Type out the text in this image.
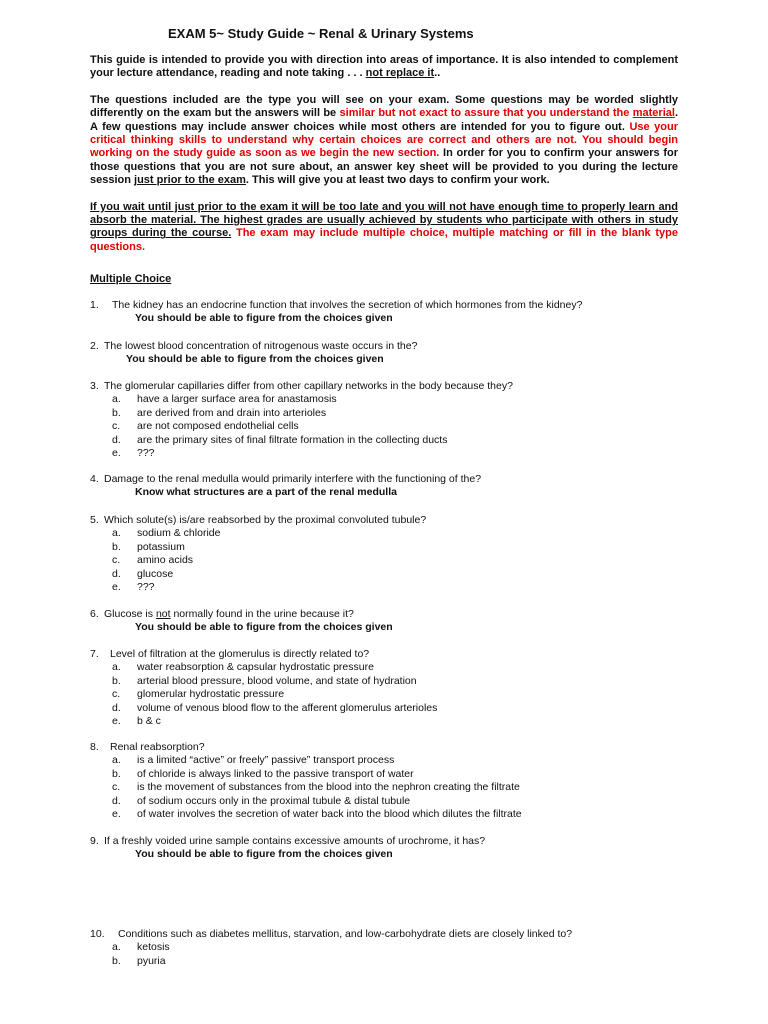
EXAM 5~ Study Guide ~ Renal & Urinary Systems

This guide is intended to provide you with direction into areas of importance. It is also intended to complement your lecture attendance, reading and note taking . . . not replace it..

The questions included are the type you will see on your exam. Some questions may be worded slightly differently on the exam but the answers will be similar but not exact to assure that you understand the material. A few questions may include answer choices while most others are intended for you to figure out. Use your critical thinking skills to understand why certain choices are correct and others are not. You should begin working on the study guide as soon as we begin the new section. In order for you to confirm your answers for those questions that you are not sure about, an answer key sheet will be provided to you during the lecture session just prior to the exam. This will give you at least two days to confirm your work.

If you wait until just prior to the exam it will be too late and you will not have enough time to properly learn and absorb the material. The highest grades are usually achieved by students who participate with others in study groups during the course. The exam may include multiple choice, multiple matching or fill in the blank type questions.

Multiple Choice
1. The kidney has an endocrine function that involves the secretion of which hormones from the kidney?
You should be able to figure from the choices given
2. The lowest blood concentration of nitrogenous waste occurs in the?
You should be able to figure from the choices given
3. The glomerular capillaries differ from other capillary networks in the body because they?
a. have a larger surface area for anastamosis
b. are derived from and drain into arterioles
c. are not composed endothelial cells
d. are the primary sites of final filtrate formation in the collecting ducts
e. ???
4. Damage to the renal medulla would primarily interfere with the functioning of the?
Know what structures are a part of the renal medulla
5. Which solute(s) is/are reabsorbed by the proximal convoluted tubule?
a. sodium & chloride
b. potassium
c. amino acids
d. glucose
e. ???
6. Glucose is not normally found in the urine because it?
You should be able to figure from the choices given
7. Level of filtration at the glomerulus is directly related to?
a. water reabsorption & capsular hydrostatic pressure
b. arterial blood pressure, blood volume, and state of hydration
c. glomerular hydrostatic pressure
d. volume of venous blood flow to the afferent glomerulus arterioles
e. b & c
8. Renal reabsorption?
a. is a limited “active” or freely” passive” transport process
b. of chloride is always linked to the passive transport of water
c. is the movement of substances from the blood into the nephron creating the filtrate
d. of sodium occurs only in the proximal tubule & distal tubule
e. of water involves the secretion of water back into the blood which dilutes the filtrate
9. If a freshly voided urine sample contains excessive amounts of urochrome, it has?
You should be able to figure from the choices given
10. Conditions such as diabetes mellitus, starvation, and low-carbohydrate diets are closely linked to?
a. ketosis
b. pyuria
